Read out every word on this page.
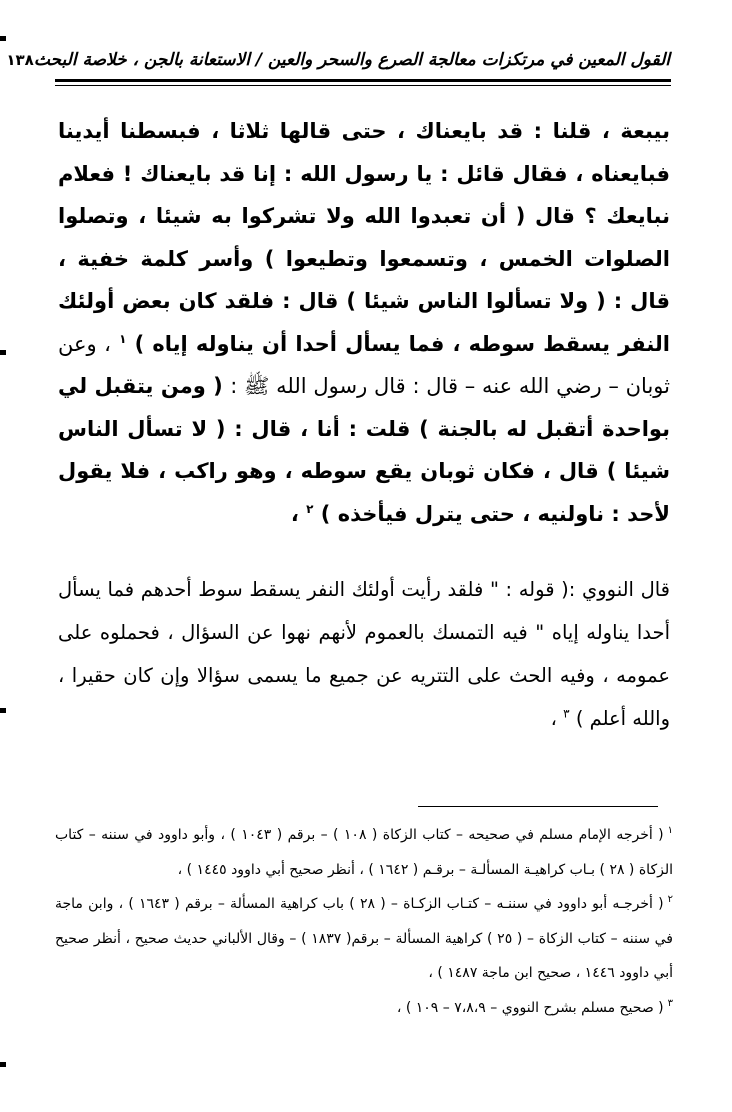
القول المعين في مرتكزات معالجة الصرع والسحر والعين / الاستعانة بالجن ، خلاصة البحث
١٣٨

بيبعة ، قلنا : قد بايعناك ، حتى قالها ثلاثا ، فبسطنا أيدينا فبايعناه ، فقال قائل : يا رسول الله : إنا قد بايعناك ! فعلام نبايعك ؟ قال ( أن تعبدوا الله ولا تشركوا به شيئا ، وتصلوا الصلوات الخمس ، وتسمعوا وتطيعوا ) وأسر كلمة خفية ، قال : ( ولا تسألوا الناس شيئا ) قال : فلقد كان بعض أولئك النفر يسقط سوطه ، فما يسأل أحدا أن يناوله إياه ) $^١$ ، وعن ثوبان – رضي الله عنه – قال : قال رسول الله ﷺ : ( ومن يتقبل لي بواحدة أتقبل له بالجنة ) قلت : أنا ، قال : ( لا تسأل الناس شيئا ) قال ، فكان ثوبان يقع سوطه ، وهو راكب ، فلا يقول لأحد : ناولنيه ، حتى يترل فيأخذه ) $^٢$ ،

قال النووي :( قوله : " فلقد رأيت أولئك النفر يسقط سوط أحدهم فما يسأل أحدا يناوله إياه " فيه التمسك بالعموم لأنهم نهوا عن السؤال ، فحملوه على عمومه ، وفيه الحث على التتريه عن جميع ما يسمى سؤالا وإن كان حقيرا ، والله أعلم ) $^٣$ ،

$^١$( أخرجه الإمام مسلم في صحيحه – كتاب الزكاة ( ١٠٨ ) – برقم ( ١٠٤٣ ) ، وأبو داوود في سننه – كتاب الزكاة ( ٢٨ ) بـاب كراهيـة المسألـة – برقـم ( ١٦٤٢ ) ، أنظر صحيح أبي داوود ١٤٤٥ ) ،

$^٢$( أخرجـه أبو داوود في سننـه – كتـاب الزكـاة – ( ٢٨ ) باب كراهية المسألة – برقم ( ١٦٤٣ ) ، وابن ماجة في سننه – كتاب الزكاة – ( ٢٥ ) كراهية المسألة – برقم( ١٨٣٧ ) – وقال الألباني حديث صحيح ، أنظر صحيح أبي داوود ١٤٤٦ ، صحيح ابن ماجة ١٤٨٧ ) ،

$^٣$( صحيح مسلم بشرح النووي – ٧،٨،٩ – ١٠٩ ) ،
